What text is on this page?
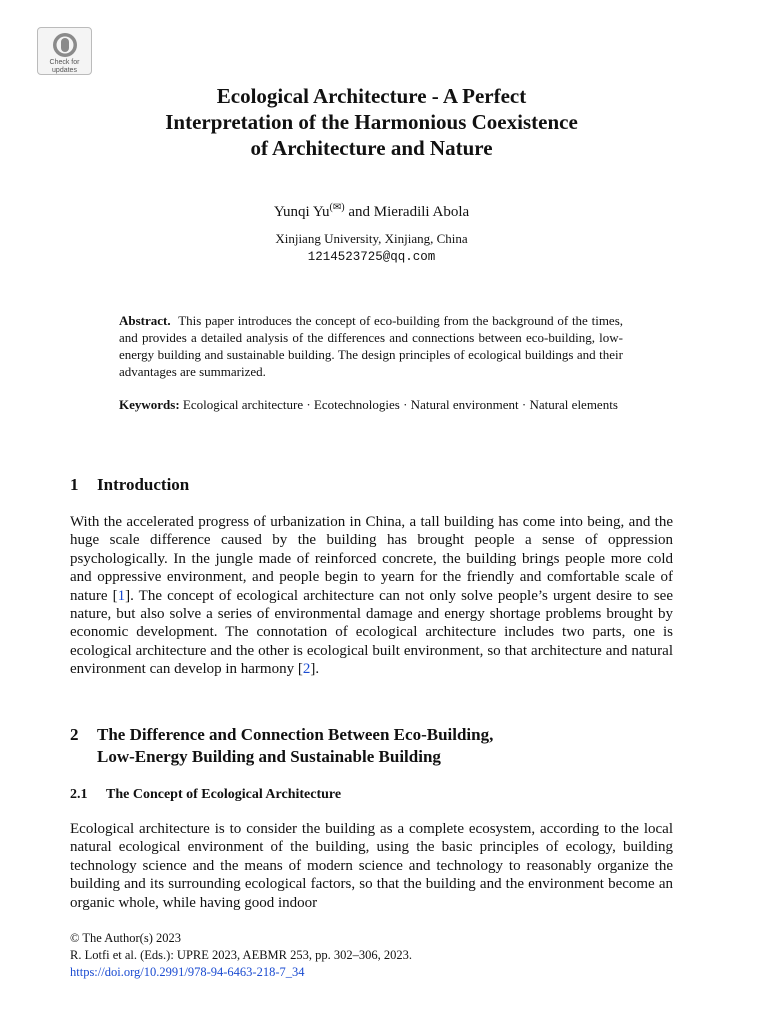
Check for
updates
Ecological Architecture - A Perfect
Interpretation of the Harmonious Coexistence
of Architecture and Nature
Yunqi Yu(✉) and Mieradili Abola
Xinjiang University, Xinjiang, China
1214523725@qq.com

Abstract. This paper introduces the concept of eco-building from the background of the times, and provides a detailed analysis of the differences and connections between eco-building, low-energy building and sustainable building. The design principles of ecological buildings and their advantages are summarized.

Keywords: Ecological architecture · Ecotechnologies · Natural environment · Natural elements

1 Introduction

With the accelerated progress of urbanization in China, a tall building has come into being, and the huge scale difference caused by the building has brought people a sense of oppression psychologically. In the jungle made of reinforced concrete, the building brings people more cold and oppressive environment, and people begin to yearn for the friendly and comfortable scale of nature [1]. The concept of ecological architecture can not only solve people’s urgent desire to see nature, but also solve a series of environmental damage and energy shortage problems brought by economic development. The connotation of ecological architecture includes two parts, one is ecological architecture and the other is ecological built environment, so that architecture and natural environment can develop in harmony [2].

2 The Difference and Connection Between Eco-Building,
Low-Energy Building and Sustainable Building
2.1 The Concept of Ecological Architecture

Ecological architecture is to consider the building as a complete ecosystem, according to the local natural ecological environment of the building, using the basic principles of ecology, building technology science and the means of modern science and technology to reasonably organize the building and its surrounding ecological factors, so that the building and the environment become an organic whole, while having good indoor

© The Author(s) 2023
R. Lotfi et al. (Eds.): UPRE 2023, AEBMR 253, pp. 302–306, 2023.
https://doi.org/10.2991/978-94-6463-218-7_34
